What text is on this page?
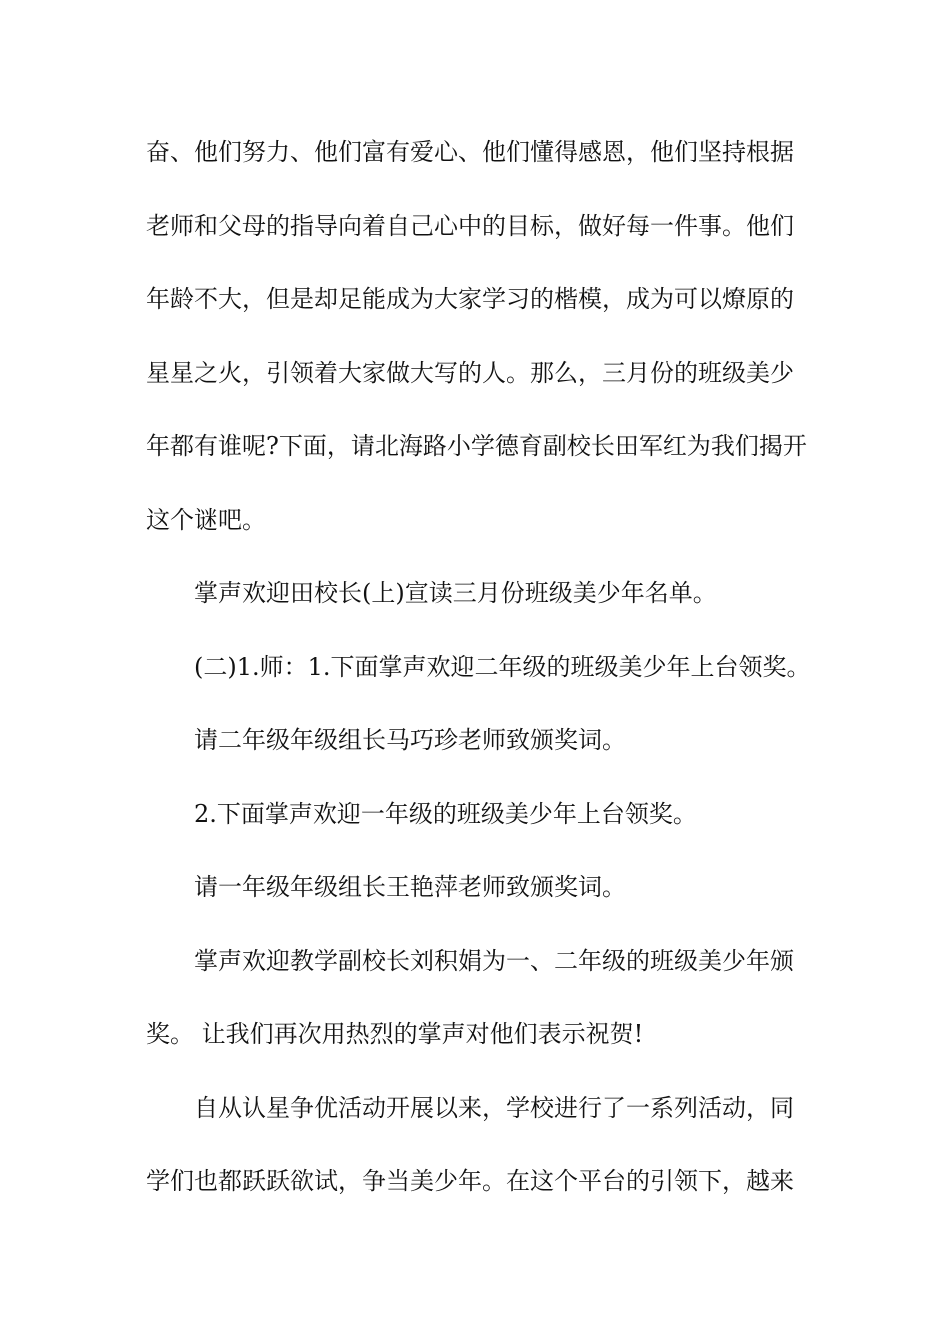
奋、他们努力、他们富有爱心、他们懂得感恩，他们坚持根据
老师和父母的指导向着自己心中的目标，做好每一件事。他们
年龄不大，但是却足能成为大家学习的楷模，成为可以燎原的
星星之火，引领着大家做大写的人。那么，三月份的班级美少
年都有谁呢?下面，请北海路小学德育副校长田军红为我们揭开
这个谜吧。
掌声欢迎田校长(上)宣读三月份班级美少年名单。
(二)1.师：1.下面掌声欢迎二年级的班级美少年上台领奖。
请二年级年级组长马巧珍老师致颁奖词。
2.下面掌声欢迎一年级的班级美少年上台领奖。
请一年级年级组长王艳萍老师致颁奖词。
掌声欢迎教学副校长刘积娟为一、二年级的班级美少年颁
奖。 让我们再次用热烈的掌声对他们表示祝贺!
自从认星争优活动开展以来，学校进行了一系列活动，同
学们也都跃跃欲试，争当美少年。在这个平台的引领下，越来
